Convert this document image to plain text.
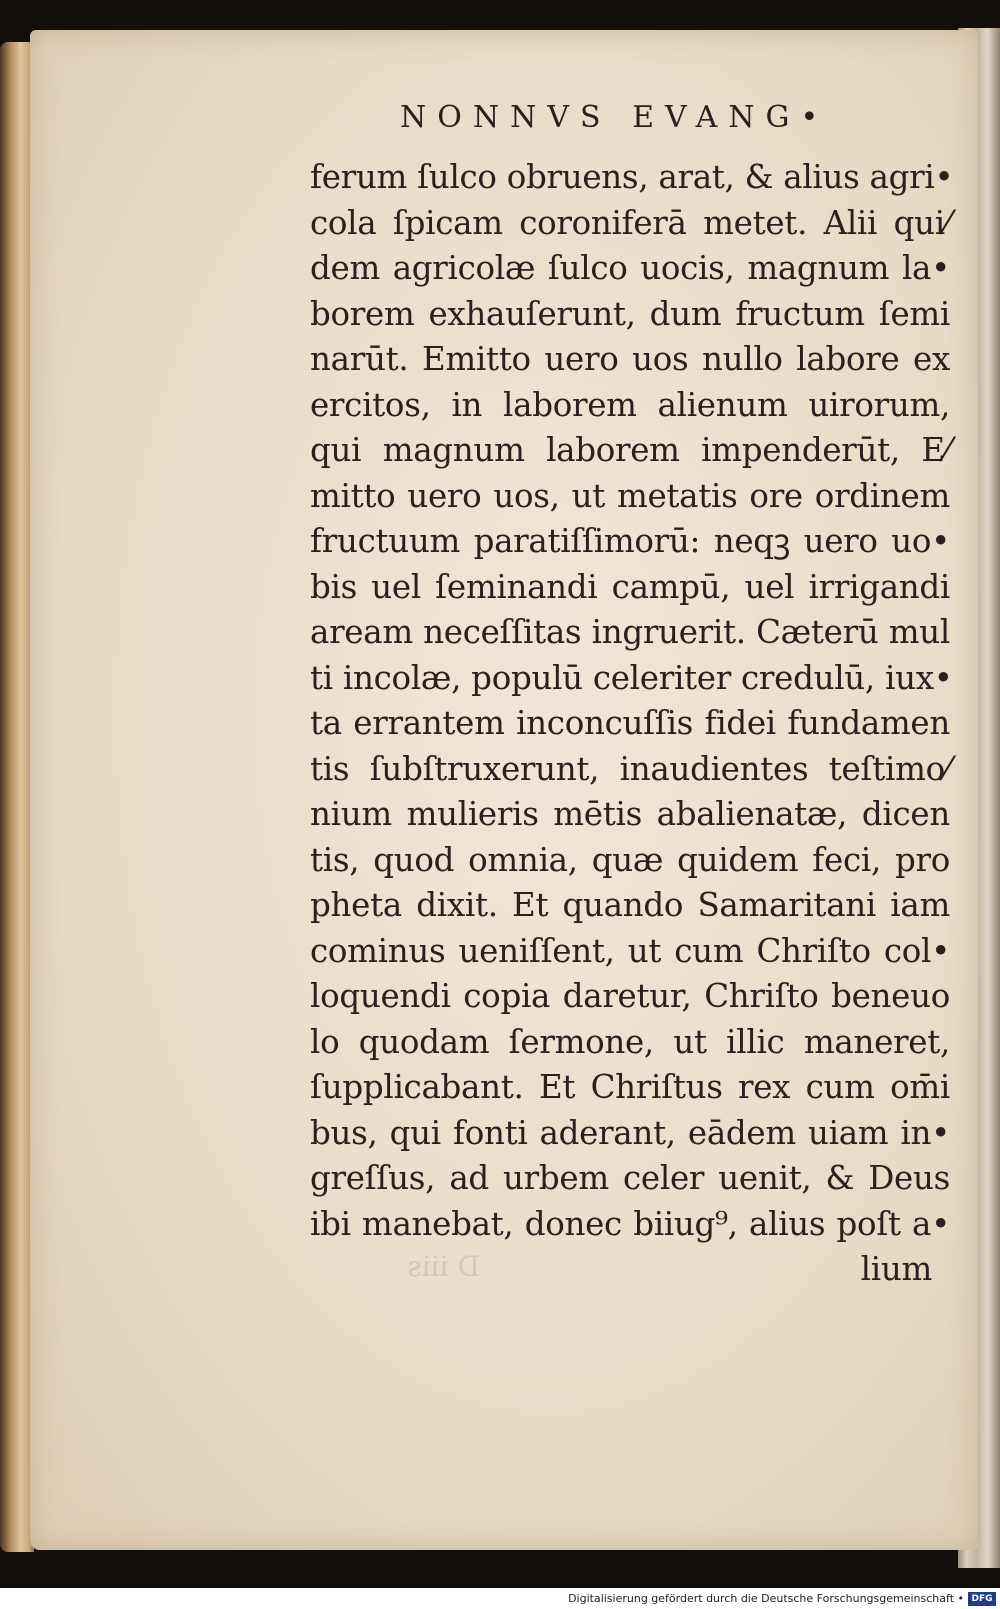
NONNVS EVANG•
D iiis
ferum ſulco obruens, arat, & alius agri•
cola ſpicam coroniferā metet. Alii qui⁄
dem agricolæ ſulco uocis, magnum la•
borem exhauſerunt, dum fructum ſemi
narūt. Emitto uero uos nullo labore ex
ercitos, in laborem alienum uirorum,
qui magnum laborem impenderūt, E⁄
mitto uero uos, ut metatis ore ordinem
fructuum paratiſſimorū: neqꝫ uero uo•
bis uel ſeminandi campū, uel irrigandi
aream neceſſitas ingruerit. Cæterū mul
ti incolæ, populū celeriter credulū, iux•
ta errantem inconcuſſis fidei fundamen
tis ſubſtruxerunt, inaudientes teſtimo⁄
nium mulieris mētis abalienatæ, dicen
tis, quod omnia, quæ quidem feci, pro
pheta dixit. Et quando Samaritani iam
cominus ueniſſent, ut cum Chriſto col•
loquendi copia daretur, Chriſto beneuo
lo quodam ſermone, ut illic maneret,
ſupplicabant. Et Chriſtus rex cum om̄i
bus, qui fonti aderant, eādem uiam in•
greſſus, ad urbem celer uenit, & Deus
ibi manebat, donec biiug⁹, alius poſt a•
lium
Digitalisierung gefördert durch die Deutsche Forschungsgemeinschaft • DFG
